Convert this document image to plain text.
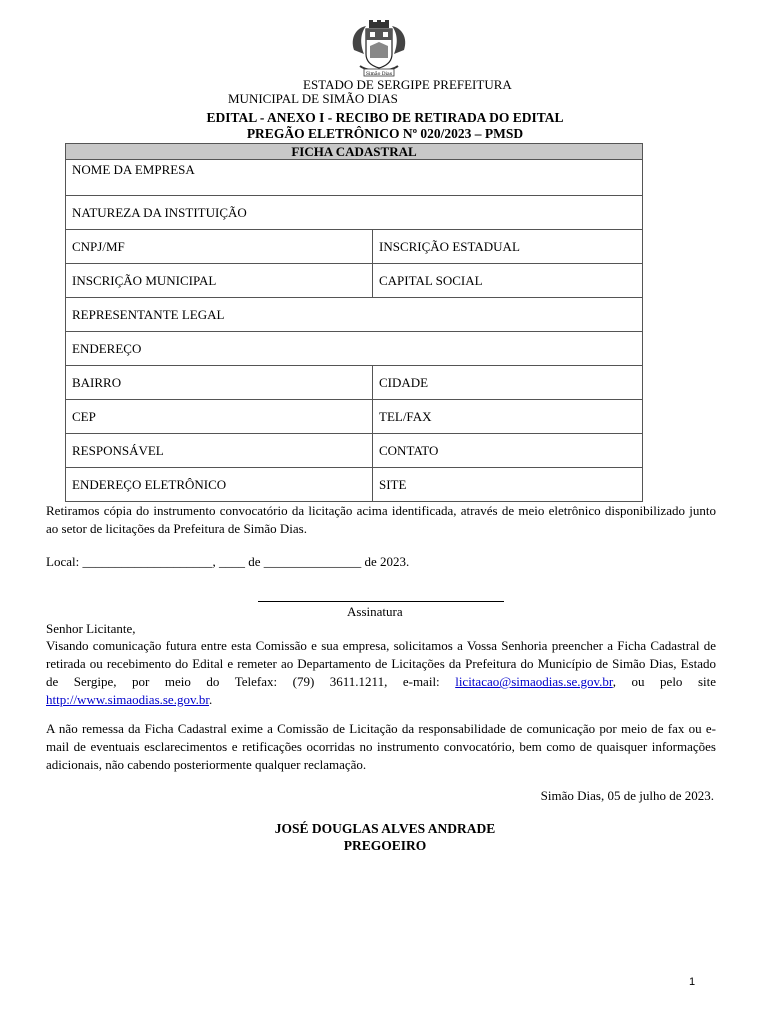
Simão Dias
ESTADO DE SERGIPE PREFEITURA
MUNICIPAL DE SIMÃO DIAS
EDITAL - ANEXO I - RECIBO DE RETIRADA DO EDITAL
PREGÃO ELETRÔNICO Nº 020/2023 – PMSD
FICHA CADASTRAL	
NOME DA EMPRESA	
NATUREZA DA INSTITUIÇÃO	
CNPJ/MF	INSCRIÇÃO ESTADUAL
INSCRIÇÃO MUNICIPAL	CAPITAL SOCIAL
REPRESENTANTE LEGAL	
ENDEREÇO	
BAIRRO	CIDADE
CEP	TEL/FAX
RESPONSÁVEL	CONTATO
ENDEREÇO ELETRÔNICO	SITE
Retiramos cópia do instrumento convocatório da licitação acima identificada, através de meio eletrônico disponibilizado junto ao setor de licitações da Prefeitura de Simão Dias.
Local: ____________________, ____ de _______________ de 2023.
Assinatura
Senhor Licitante,
Visando comunicação futura entre esta Comissão e sua empresa, solicitamos a Vossa Senhoria preencher a Ficha Cadastral de retirada ou recebimento do Edital e remeter ao Departamento de Licitações da Prefeitura do Município de Simão Dias, Estado de Sergipe, por meio do Telefax: (79) 3611.1211, e-mail: licitacao@simaodias.se.gov.br, ou pelo site http://www.simaodias.se.gov.br.
A não remessa da Ficha Cadastral exime a Comissão de Licitação da responsabilidade de comunicação por meio de fax ou e-mail de eventuais esclarecimentos e retificações ocorridas no instrumento convocatório, bem como de quaisquer informações adicionais, não cabendo posteriormente qualquer reclamação.
Simão Dias, 05 de julho de 2023.
JOSÉ DOUGLAS ALVES ANDRADE
PREGOEIRO
1
